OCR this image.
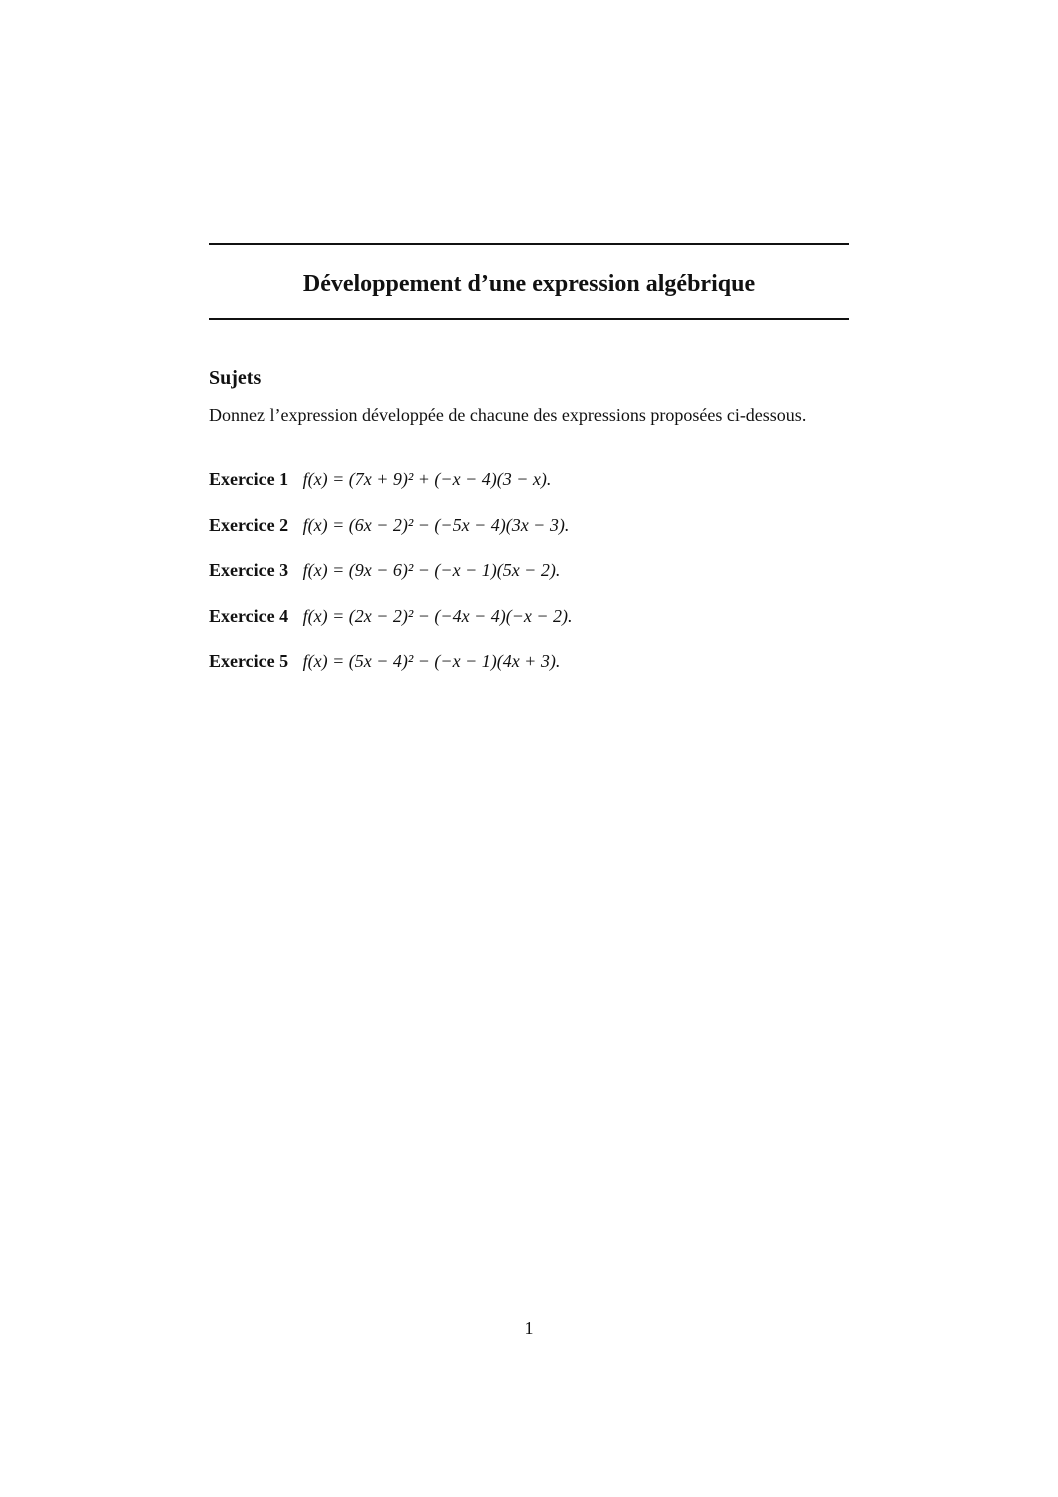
Développement d’une expression algébrique
Sujets
Donnez l’expression développée de chacune des expressions proposées ci-dessous.
Exercice 1 f(x) = (7x + 9)² + (−x − 4)(3 − x).
Exercice 2 f(x) = (6x − 2)² − (−5x − 4)(3x − 3).
Exercice 3 f(x) = (9x − 6)² − (−x − 1)(5x − 2).
Exercice 4 f(x) = (2x − 2)² − (−4x − 4)(−x − 2).
Exercice 5 f(x) = (5x − 4)² − (−x − 1)(4x + 3).
1
